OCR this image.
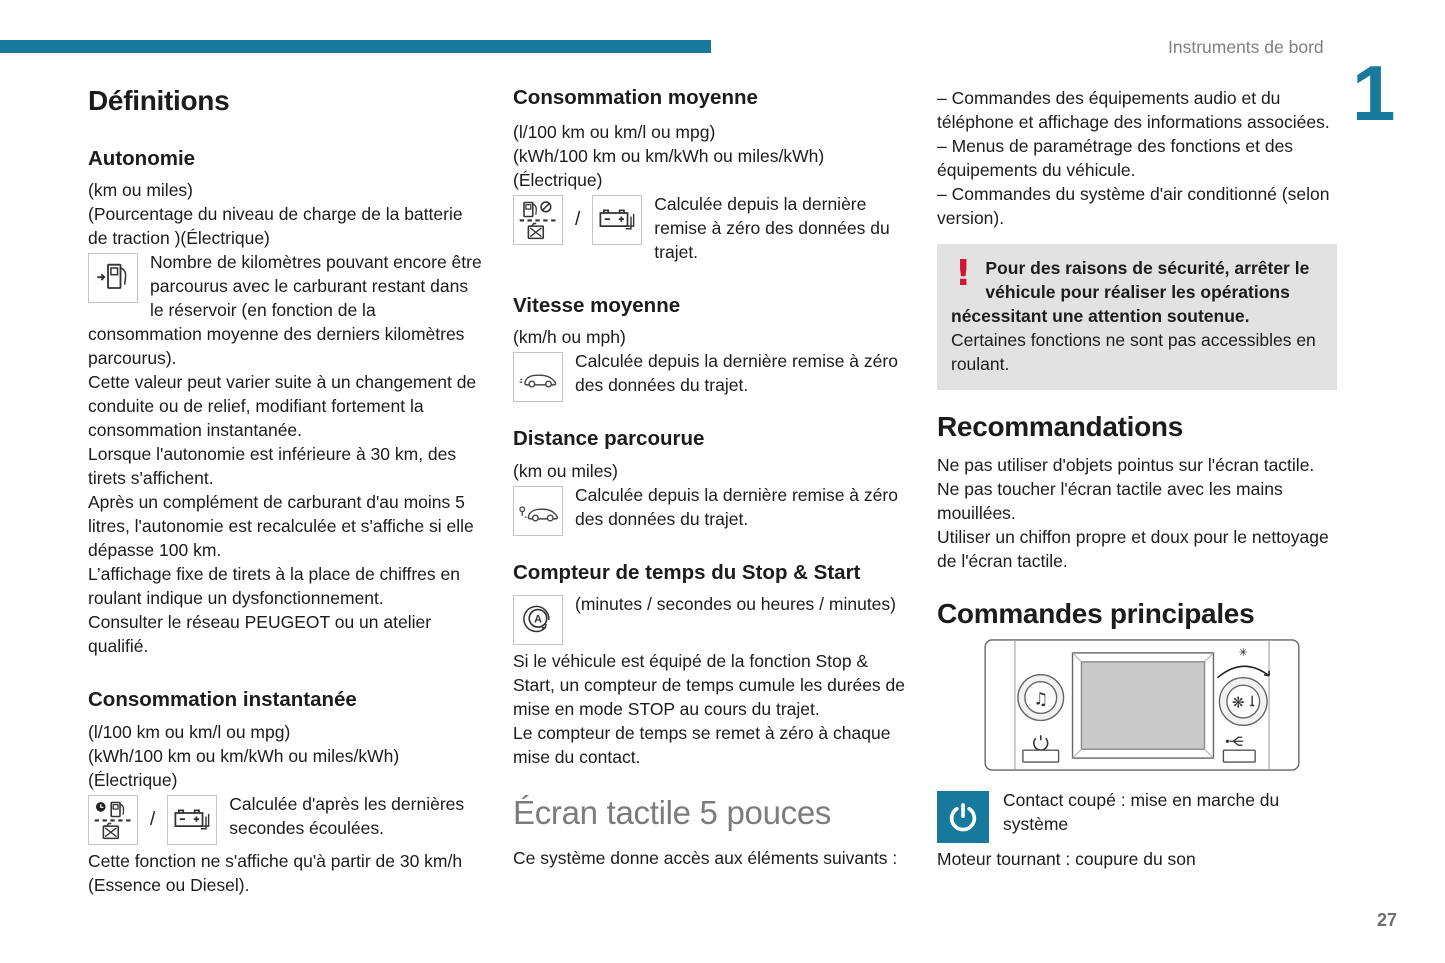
Instruments de bord
1
27
Définitions
Autonomie

(km ou miles)

(Pourcentage du niveau de charge de la batterie de traction )(Électrique)

Nombre de kilomètres pouvant encore être parcourus avec le carburant restant dans le réservoir (en fonction de la consommation moyenne des derniers kilomètres parcourus).

Cette valeur peut varier suite à un changement de conduite ou de relief, modifiant fortement la consommation instantanée.

Lorsque l'autonomie est inférieure à 30 km, des tirets s'affichent.

Après un complément de carburant d'au moins 5 litres, l'autonomie est recalculée et s'affiche si elle dépasse 100 km.

L’affichage fixe de tirets à la place de chiffres en roulant indique un dysfonctionnement.

Consulter le réseau PEUGEOT ou un atelier qualifié.

Consommation instantanée

(l/100 km ou km/l ou mpg)

(kWh/100 km ou km/kWh ou miles/kWh)

(Électrique)

/
Calculée d'après les dernières secondes écoulées.

Cette fonction ne s'affiche qu'à partir de 30 km/h (Essence ou Diesel).

Consommation moyenne

(l/100 km ou km/l ou mpg)

(kWh/100 km ou km/kWh ou miles/kWh)

(Électrique)

/
Calculée depuis la dernière remise à zéro des données du trajet.
Vitesse moyenne

(km/h ou mph)

Calculée depuis la dernière remise à zéro des données du trajet.
Distance parcourue

(km ou miles)

Calculée depuis la dernière remise à zéro des données du trajet.
Compteur de temps du Stop & Start
A
(minutes / secondes ou heures / minutes)

Si le véhicule est équipé de la fonction Stop & Start, un compteur de temps cumule les durées de mise en mode STOP au cours du trajet.

Le compteur de temps se remet à zéro à chaque mise du contact.

Écran tactile 5 pouces

Ce système donne accès aux éléments suivants :

– Commandes des équipements audio et du téléphone et affichage des informations associées.

– Menus de paramétrage des fonctions et des équipements du véhicule.

– Commandes du système d'air conditionné (selon version).

! Pour des raisons de sécurité, arrêter le véhicule pour réaliser les opérations nécessitant une attention soutenue.

Certaines fonctions ne sont pas accessibles en roulant.

Recommandations

Ne pas utiliser d'objets pointus sur l'écran tactile.

Ne pas toucher l'écran tactile avec les mains mouillées.

Utiliser un chiffon propre et doux pour le nettoyage de l'écran tactile.

Commandes principales
♫	❋
✳
Contact coupé : mise en marche du système

Moteur tournant : coupure du son
